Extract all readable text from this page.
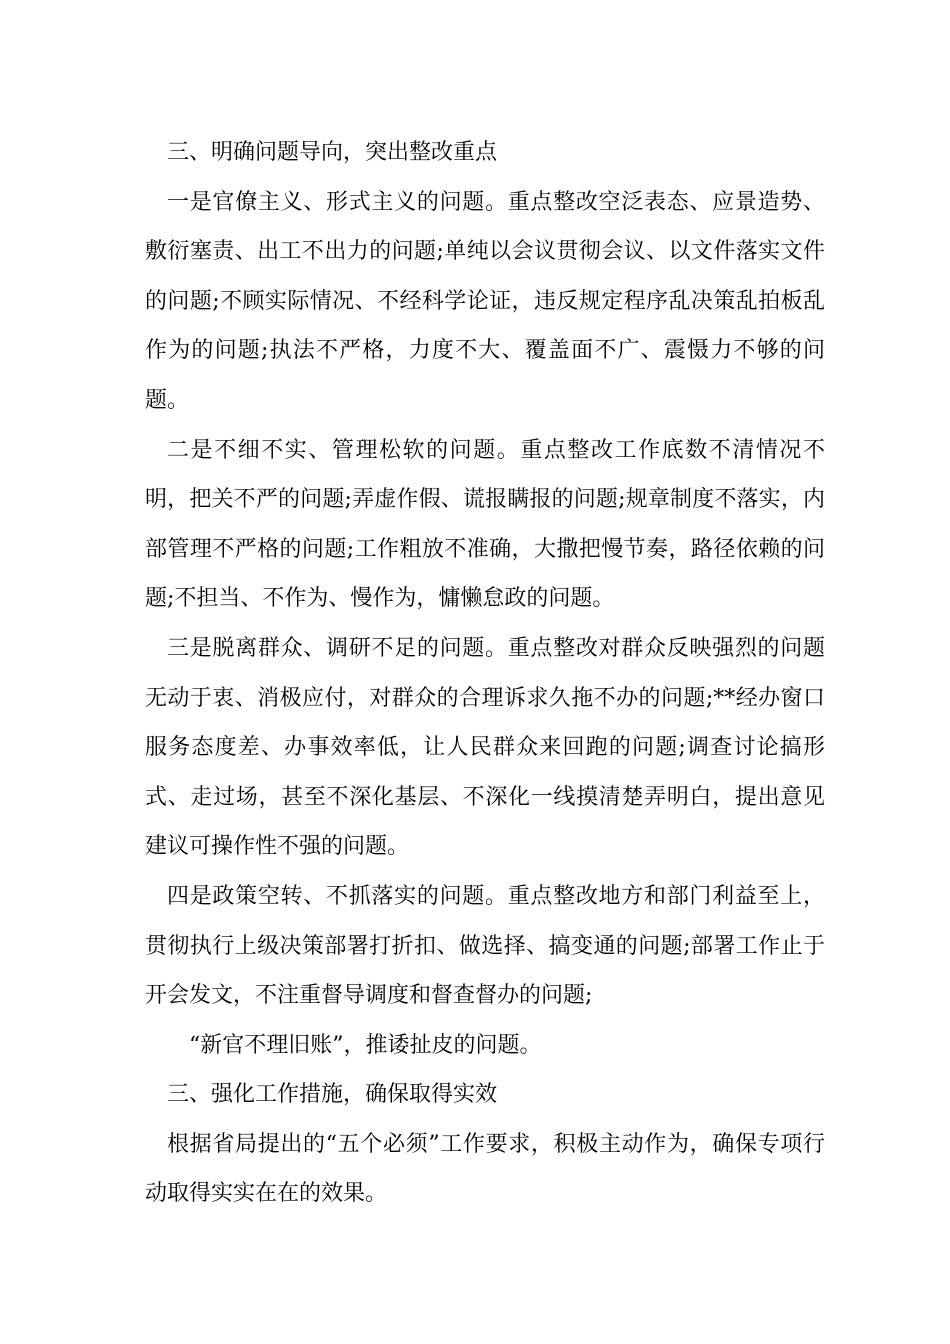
三、明确问题导向，突出整改重点

一是官僚主义、形式主义的问题。重点整改空泛表态、应景造势、敷衍塞责、出工不出力的问题;单纯以会议贯彻会议、以文件落实文件的问题;不顾实际情况、不经科学论证，违反规定程序乱决策乱拍板乱作为的问题;执法不严格，力度不大、覆盖面不广、震慑力不够的问题。

二是不细不实、管理松软的问题。重点整改工作底数不清情况不明，把关不严的问题;弄虚作假、谎报瞒报的问题;规章制度不落实，内部管理不严格的问题;工作粗放不准确，大撒把慢节奏，路径依赖的问题;不担当、不作为、慢作为，慵懒怠政的问题。

三是脱离群众、调研不足的问题。重点整改对群众反映强烈的问题无动于衷、消极应付，对群众的合理诉求久拖不办的问题;**经办窗口服务态度差、办事效率低，让人民群众来回跑的问题;调查讨论搞形式、走过场，甚至不深化基层、不深化一线摸清楚弄明白，提出意见建议可操作性不强的问题。

四是政策空转、不抓落实的问题。重点整改地方和部门利益至上，贯彻执行上级决策部署打折扣、做选择、搞变通的问题;部署工作止于开会发文，不注重督导调度和督查督办的问题;

“新官不理旧账”，推诿扯皮的问题。

三、强化工作措施，确保取得实效

根据省局提出的“五个必须”工作要求，积极主动作为，确保专项行动取得实实在在的效果。
